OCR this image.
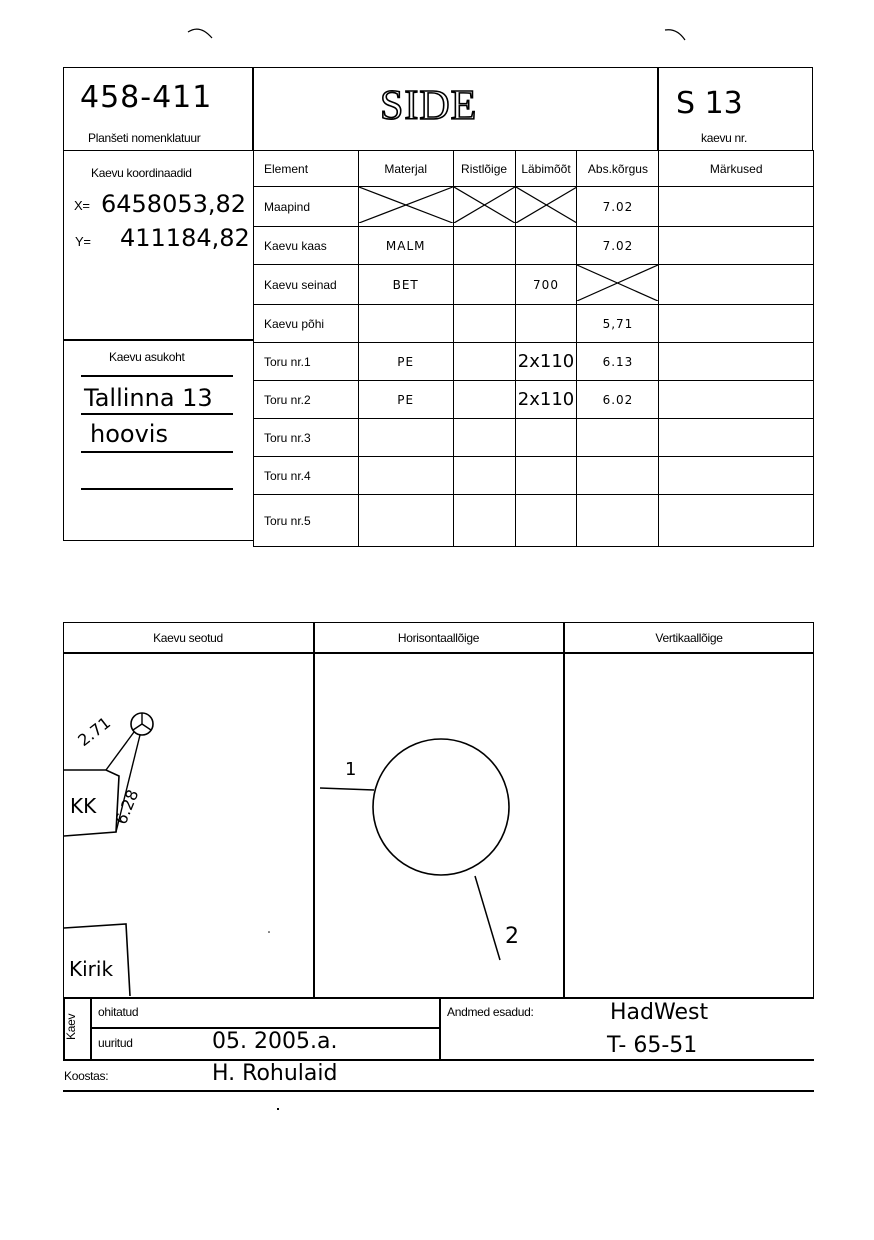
458-411
Planšeti nomenklatuur
SIDE	S 13
kaevu nr.
Kaevu koordinaadid
X= 6458053,82
Y= 411184,82
Kaevu asukoht
Tallinna 13
hoovis
Element	Materjal	Ristlõige	Läbimõõt	Abs.kõrgus	Märkused
Maapind				7.02	
Kaevu kaas	MALM			7.02	
Kaevu seinad	BET		700		
Kaevu põhi				5,71	
Toru nr.1	PE		2x110	6.13	
Toru nr.2	PE		2x110	6.02	
Toru nr.3					
Toru nr.4					
Toru nr.5					
Kaevu seotud	Horisontaallõige	Vertikaallõige
2.71
6.28
KK
Kirik
1
2
Kaev
ohitatud
uuritud	05. 2005.a.
Andmed esadud:	HadWest
T- 65-51
Koostas:	H. Rohulaid
